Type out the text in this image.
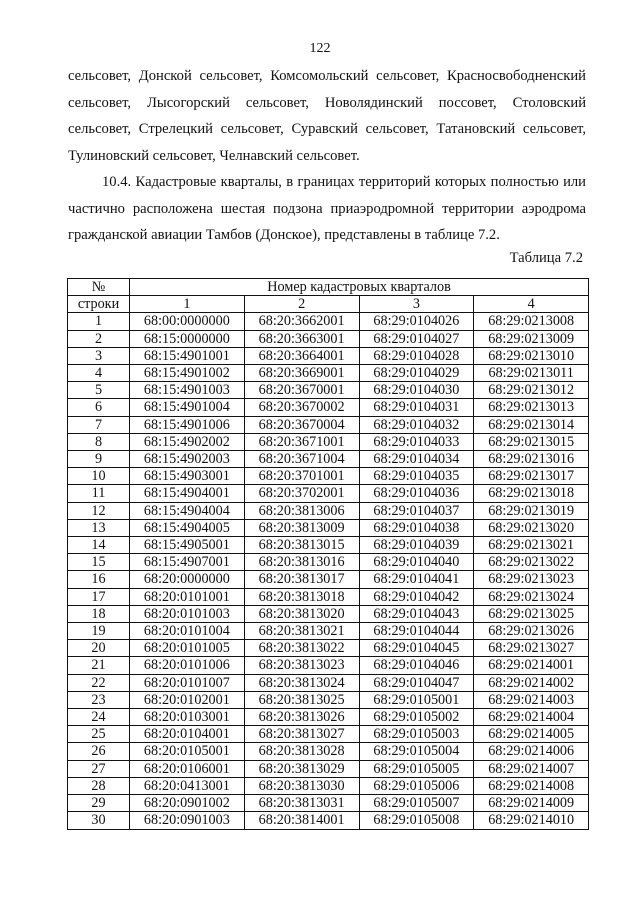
122
сельсовет, Донской сельсовет, Комсомольский сельсовет, Красносвободненский
сельсовет, Лысогорский сельсовет, Новолядинский поссовет, Столовский
сельсовет, Стрелецкий сельсовет, Суравский сельсовет, Татановский сельсовет,
Тулиновский сельсовет, Челнавский сельсовет.
10.4. Кадастровые кварталы, в границах территорий которых полностью или
частично расположена шестая подзона приаэродромной территории аэродрома
гражданской авиации Тамбов (Донское), представлены в таблице 7.2.
Таблица 7.2
№	Номер кадастровых кварталов			
строки	1	2	3	4
1	68:00:0000000	68:20:3662001	68:29:0104026	68:29:0213008
2	68:15:0000000	68:20:3663001	68:29:0104027	68:29:0213009
3	68:15:4901001	68:20:3664001	68:29:0104028	68:29:0213010
4	68:15:4901002	68:20:3669001	68:29:0104029	68:29:0213011
5	68:15:4901003	68:20:3670001	68:29:0104030	68:29:0213012
6	68:15:4901004	68:20:3670002	68:29:0104031	68:29:0213013
7	68:15:4901006	68:20:3670004	68:29:0104032	68:29:0213014
8	68:15:4902002	68:20:3671001	68:29:0104033	68:29:0213015
9	68:15:4902003	68:20:3671004	68:29:0104034	68:29:0213016
10	68:15:4903001	68:20:3701001	68:29:0104035	68:29:0213017
11	68:15:4904001	68:20:3702001	68:29:0104036	68:29:0213018
12	68:15:4904004	68:20:3813006	68:29:0104037	68:29:0213019
13	68:15:4904005	68:20:3813009	68:29:0104038	68:29:0213020
14	68:15:4905001	68:20:3813015	68:29:0104039	68:29:0213021
15	68:15:4907001	68:20:3813016	68:29:0104040	68:29:0213022
16	68:20:0000000	68:20:3813017	68:29:0104041	68:29:0213023
17	68:20:0101001	68:20:3813018	68:29:0104042	68:29:0213024
18	68:20:0101003	68:20:3813020	68:29:0104043	68:29:0213025
19	68:20:0101004	68:20:3813021	68:29:0104044	68:29:0213026
20	68:20:0101005	68:20:3813022	68:29:0104045	68:29:0213027
21	68:20:0101006	68:20:3813023	68:29:0104046	68:29:0214001
22	68:20:0101007	68:20:3813024	68:29:0104047	68:29:0214002
23	68:20:0102001	68:20:3813025	68:29:0105001	68:29:0214003
24	68:20:0103001	68:20:3813026	68:29:0105002	68:29:0214004
25	68:20:0104001	68:20:3813027	68:29:0105003	68:29:0214005
26	68:20:0105001	68:20:3813028	68:29:0105004	68:29:0214006
27	68:20:0106001	68:20:3813029	68:29:0105005	68:29:0214007
28	68:20:0413001	68:20:3813030	68:29:0105006	68:29:0214008
29	68:20:0901002	68:20:3813031	68:29:0105007	68:29:0214009
30	68:20:0901003	68:20:3814001	68:29:0105008	68:29:0214010
